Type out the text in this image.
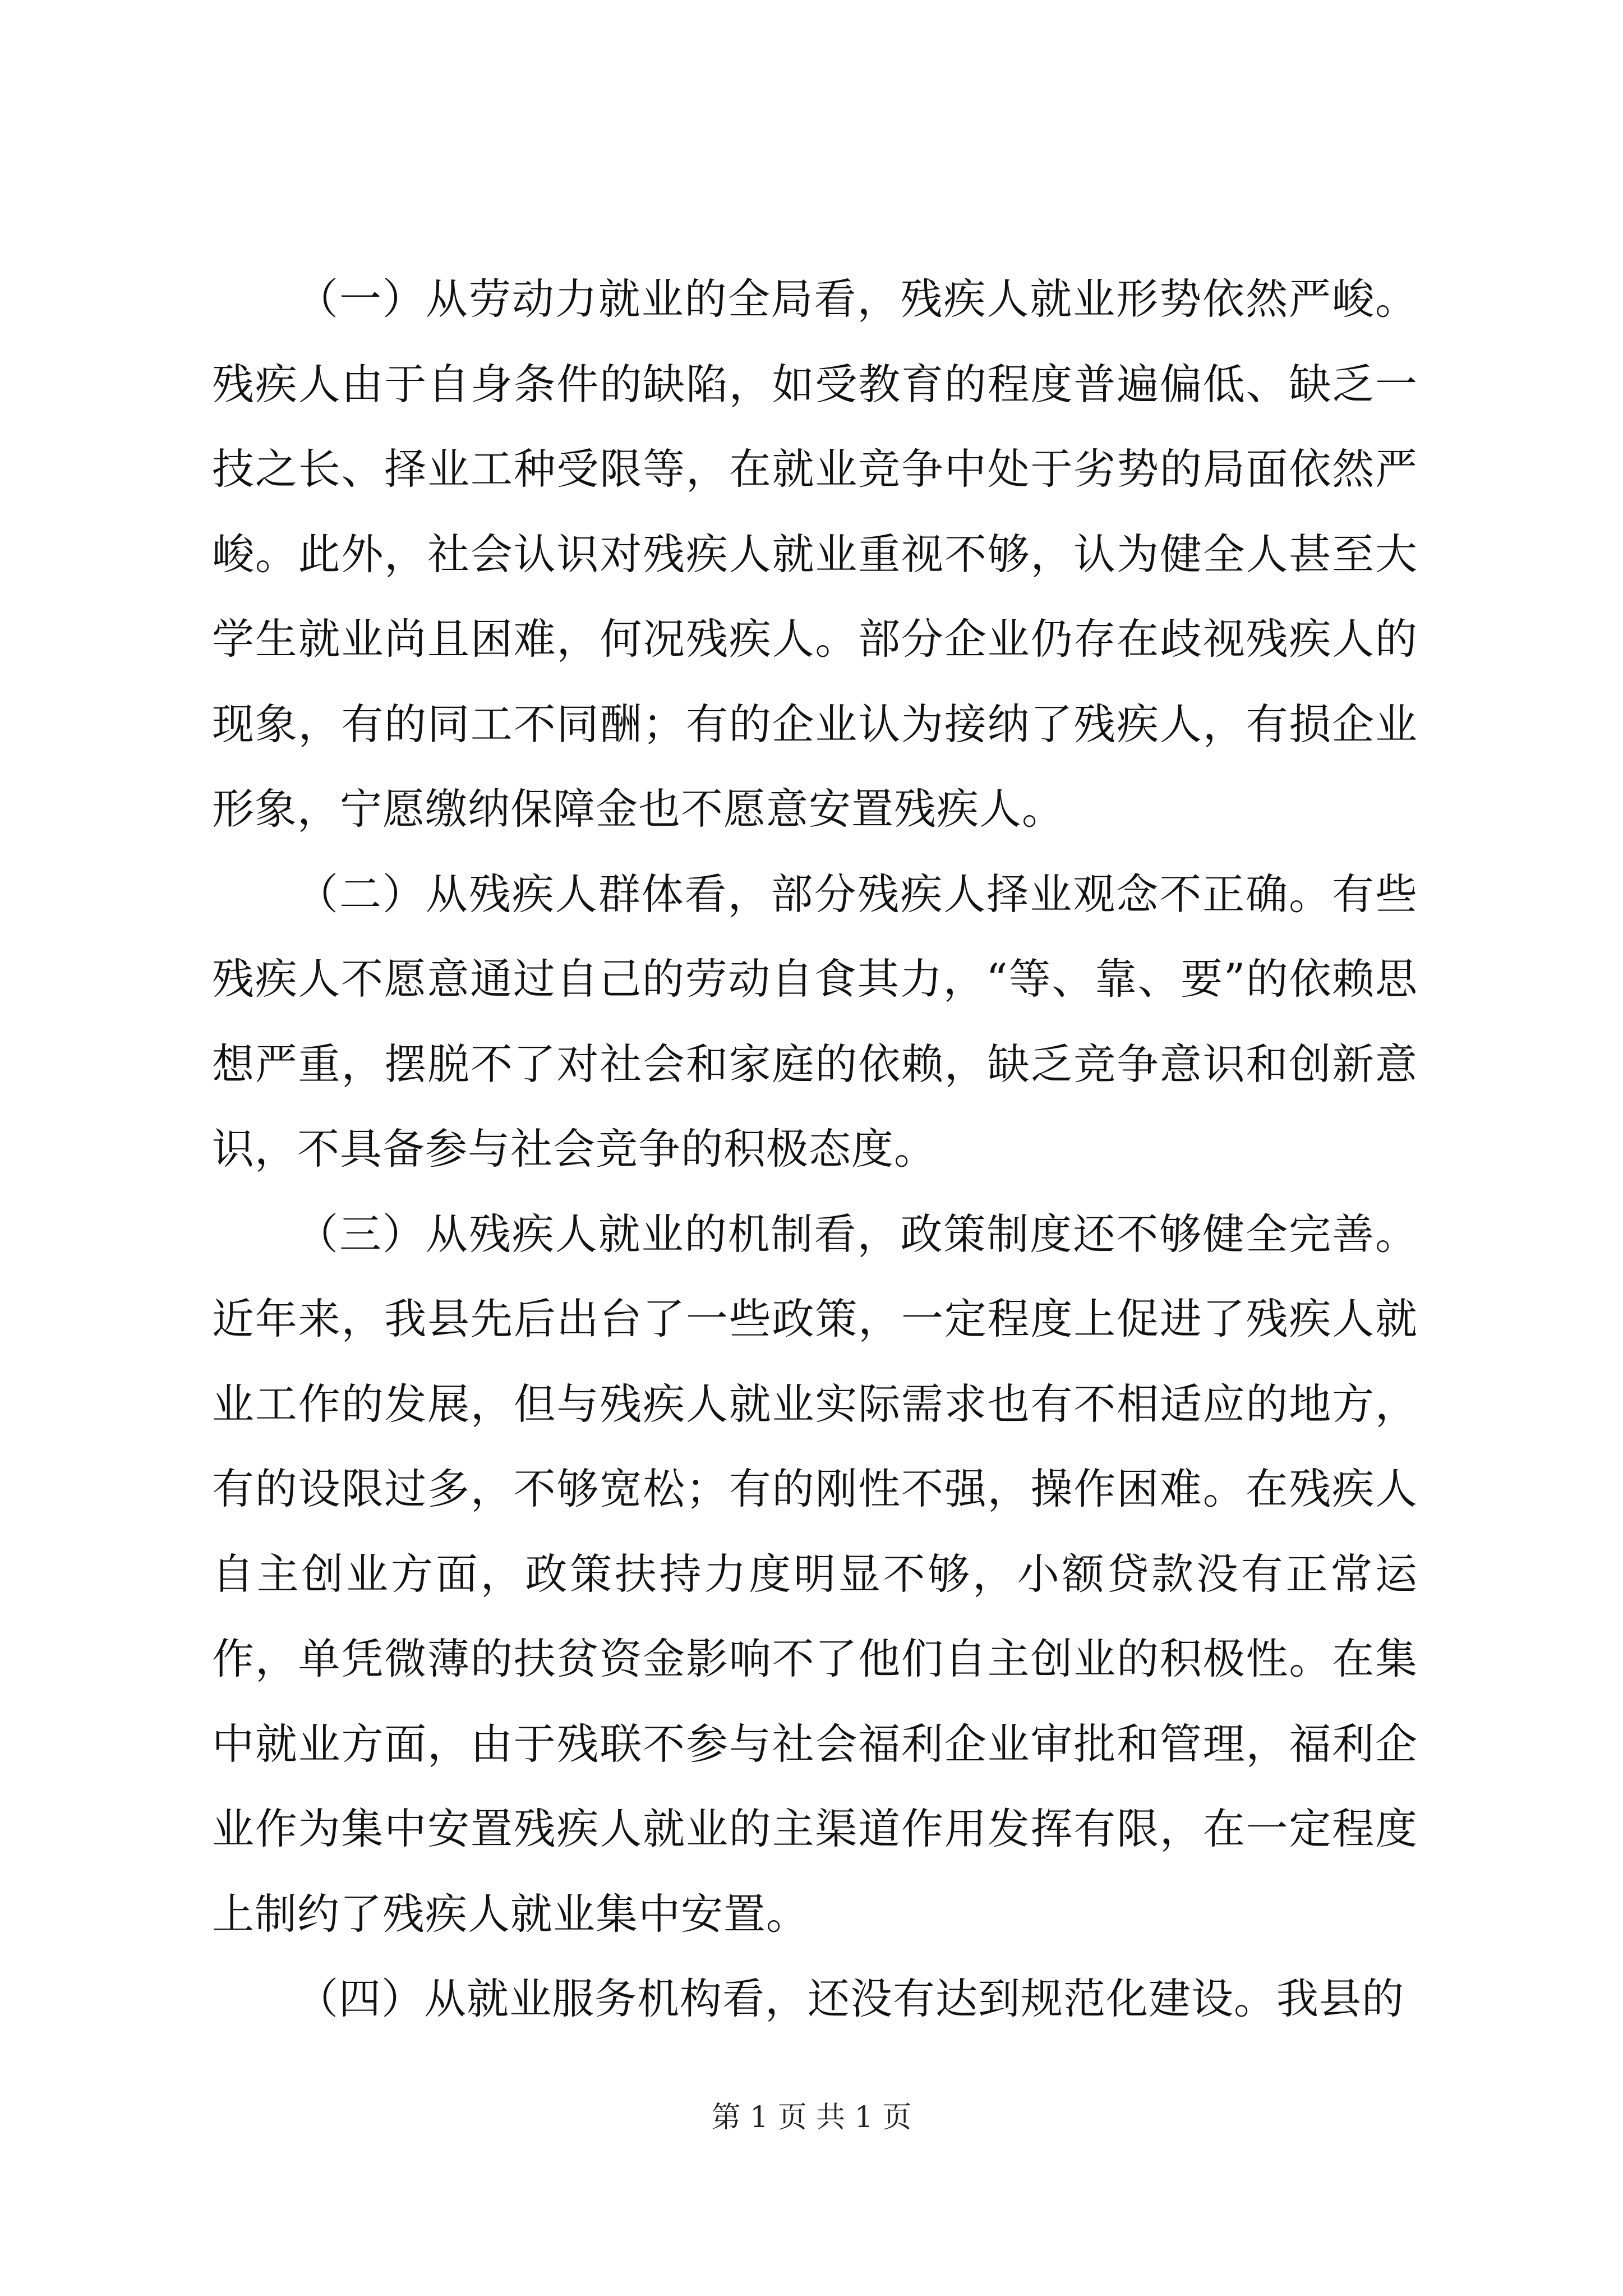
（一）从劳动力就业的全局看，残疾人就业形势依然严峻。残疾人由于自身条件的缺陷，如受教育的程度普遍偏低、缺乏一技之长、择业工种受限等，在就业竞争中处于劣势的局面依然严峻。此外，社会认识对残疾人就业重视不够，认为健全人甚至大学生就业尚且困难，何况残疾人。部分企业仍存在歧视残疾人的现象，有的同工不同酬；有的企业认为接纳了残疾人，有损企业形象，宁愿缴纳保障金也不愿意安置残疾人。

（二）从残疾人群体看，部分残疾人择业观念不正确。有些残疾人不愿意通过自己的劳动自食其力，“等、靠、要”的依赖思想严重，摆脱不了对社会和家庭的依赖，缺乏竞争意识和创新意识，不具备参与社会竞争的积极态度。

（三）从残疾人就业的机制看，政策制度还不够健全完善。近年来，我县先后出台了一些政策，一定程度上促进了残疾人就业工作的发展，但与残疾人就业实际需求也有不相适应的地方，有的设限过多，不够宽松；有的刚性不强，操作困难。在残疾人自主创业方面，政策扶持力度明显不够，小额贷款没有正常运作，单凭微薄的扶贫资金影响不了他们自主创业的积极性。在集中就业方面，由于残联不参与社会福利企业审批和管理，福利企业作为集中安置残疾人就业的主渠道作用发挥有限，在一定程度上制约了残疾人就业集中安置。

（四）从就业服务机构看，还没有达到规范化建设。我县的

第 1 页 共 1 页
